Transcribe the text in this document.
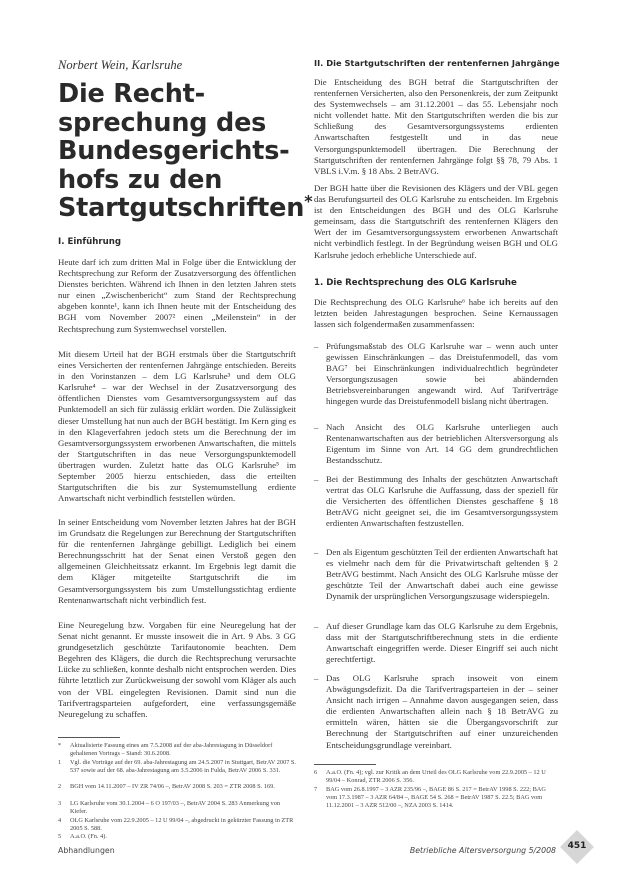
Norbert Wein, Karlsruhe
Die Recht-
sprechung des
Bundesgerichts-
hofs zu den
Startgutschriften*
I. Einführung
Heute darf ich zum dritten Mal in Folge über die Entwicklung der Rechtsprechung zur Reform der Zusatzversorgung des öffentlichen Dienstes berichten. Während ich Ihnen in den letzten Jahren stets nur einen „Zwischenbericht“ zum Stand der Rechtsprechung abgeben konnte¹, kann ich Ihnen heute mit der Entscheidung des BGH vom November 2007² einen „Meilenstein“ in der Rechtsprechung zum Systemwechsel vorstellen.
Mit diesem Urteil hat der BGH erstmals über die Startgutschrift eines Versicherten der rentenfernen Jahrgänge entschieden. Bereits in den Vorinstanzen – dem LG Karlsruhe³ und dem OLG Karlsruhe⁴ – war der Wechsel in der Zusatzversorgung des öffentlichen Dienstes vom Gesamtversorgungssystem auf das Punktemodell an sich für zulässig erklärt worden. Die Zulässigkeit dieser Umstellung hat nun auch der BGH bestätigt. Im Kern ging es in den Klageverfahren jedoch stets um die Berechnung der im Gesamtversorgungssystem erworbenen Anwartschaften, die mittels der Startgutschriften in das neue Versorgungspunktemodell übertragen wurden. Zuletzt hatte das OLG Karlsruhe⁵ im September 2005 hierzu entschieden, dass die erteilten Startgutschriften die bis zur Systemumstellung erdiente Anwartschaft nicht verbindlich feststellen würden.
In seiner Entscheidung vom November letzten Jahres hat der BGH im Grundsatz die Regelungen zur Berechnung der Startgutschriften für die rentenfernen Jahrgänge gebilligt. Lediglich bei einem Berechnungsschritt hat der Senat einen Verstoß gegen den allgemeinen Gleichheitssatz erkannt. Im Ergebnis legt damit die dem Kläger mitgeteilte Startgutschrift die im Gesamtversorgungssystem bis zum Umstellungsstichtag erdiente Rentenanwartschaft nicht verbindlich fest.
Eine Neuregelung bzw. Vorgaben für eine Neuregelung hat der Senat nicht genannt. Er musste insoweit die in Art. 9 Abs. 3 GG grundgesetzlich geschützte Tarifautonomie beachten. Dem Begehren des Klägers, die durch die Rechtsprechung verursachte Lücke zu schließen, konnte deshalb nicht entsprochen werden. Dies führte letztlich zur Zurückweisung der sowohl vom Kläger als auch von der VBL eingelegten Revisionen. Damit sind nun die Tarifvertragsparteien aufgefordert, eine verfassungsgemäße Neuregelung zu schaffen.
*	Aktualisierte Fassung eines am 7.5.2008 auf der aba-Jahrestagung in Düsseldorf gehaltenen Vortrags – Stand: 30.6.2008.
1	Vgl. die Vorträge auf der 69. aba-Jahrestagung am 24.5.2007 in Stuttgart, BetrAV 2007 S. 537 sowie auf der 68. aba-Jahrestagung am 3.5.2006 in Fulda, BetrAV 2006 S. 331.
2	BGH vom 14.11.2007 – IV ZR 74/06 –, BetrAV 2008 S. 203 = ZTR 2008 S. 169.
3	LG Karlsruhe vom 30.1.2004 – 6 O 197/03 –, BetrAV 2004 S. 283 Anmerkung von Kiefer.
4	OLG Karlsruhe vom 22.9.2005 – 12 U 99/04 –, abgedruckt in gekürzter Fassung in ZTR 2005 S. 588.
5	A.a.O. (Fn. 4).
II. Die Startgutschriften der rentenfernen Jahrgänge
Die Entscheidung des BGH betraf die Startgutschriften der rentenfernen Versicherten, also den Personenkreis, der zum Zeitpunkt des Systemwechsels – am 31.12.2001 – das 55. Lebensjahr noch nicht vollendet hatte. Mit den Startgutschriften werden die bis zur Schließung des Gesamtversorgungssystems erdienten Anwartschaften festgestellt und in das neue Versorgungspunktemodell übertragen. Die Berechnung der Startgutschriften der rentenfernen Jahrgänge folgt §§ 78, 79 Abs. 1 VBLS i.V.m. § 18 Abs. 2 BetrAVG.
Der BGH hatte über die Revisionen des Klägers und der VBL gegen das Berufungsurteil des OLG Karlsruhe zu entscheiden. Im Ergebnis ist den Entscheidungen des BGH und des OLG Karlsruhe gemeinsam, dass die Startgutschrift des rentenfernen Klägers den Wert der im Gesamtversorgungssystem erworbenen Anwartschaft nicht verbindlich festlegt. In der Begründung weisen BGH und OLG Karlsruhe jedoch erhebliche Unterschiede auf.
1. Die Rechtsprechung des OLG Karlsruhe
Die Rechtsprechung des OLG Karlsruhe⁶ habe ich bereits auf den letzten beiden Jahrestagungen besprochen. Seine Kernaussagen lassen sich folgendermaßen zusammenfassen:
– Prüfungsmaßstab des OLG Karlsruhe war – wenn auch unter gewissen Einschränkungen – das Dreistufenmodell, das vom BAG⁷ bei Einschränkungen individualrechtlich begründeter Versorgungszusagen sowie bei abändernden Betriebsvereinbarungen angewandt wird. Auf Tarifverträge hingegen wurde das Dreistufenmodell bislang nicht übertragen.
– Nach Ansicht des OLG Karlsruhe unterliegen auch Rentenanwartschaften aus der betrieblichen Altersversorgung als Eigentum im Sinne von Art. 14 GG dem grundrechtlichen Bestandsschutz.
– Bei der Bestimmung des Inhalts der geschützten Anwartschaft vertrat das OLG Karlsruhe die Auffassung, dass der speziell für die Versicherten des öffentlichen Dienstes geschaffene § 18 BetrAVG nicht geeignet sei, die im Gesamtversorgungssystem erdienten Anwartschaften festzustellen.
– Den als Eigentum geschützten Teil der erdienten Anwartschaft hat es vielmehr nach dem für die Privatwirtschaft geltenden § 2 BetrAVG bestimmt. Nach Ansicht des OLG Karlsruhe müsse der geschützte Teil der Anwartschaft dabei auch eine gewisse Dynamik der ursprünglichen Versorgungszusage widerspiegeln.
– Auf dieser Grundlage kam das OLG Karlsruhe zu dem Ergebnis, dass mit der Startgutschriftberechnung stets in die erdiente Anwartschaft eingegriffen werde. Dieser Eingriff sei auch nicht gerechtfertigt.
– Das OLG Karlsruhe sprach insoweit von einem Abwägungsdefizit. Da die Tarifvertragsparteien in der – seiner Ansicht nach irrigen – Annahme davon ausgegangen seien, dass die erdienten Anwartschaften allein nach § 18 BetrAVG zu ermitteln wären, hätten sie die Übergangsvorschrift zur Berechnung der Startgutschriften auf einer unzureichenden Entscheidungsgrundlage vereinbart.
6	A.a.O. (Fn. 4); vgl. zur Kritik an dem Urteil des OLG Karlsruhe vom 22.9.2005 – 12 U 99/04 – Konrad, ZTR 2006 S. 356.
7	BAG vom 26.8.1997 – 3 AZR 235/96 –, BAGE 86 S. 217 = BetrAV 1998 S. 222; BAG vom 17.3.1987 – 3 AZR 64/84 –, BAGE 54 S. 268 = BetrAV 1987 S. 22.5; BAG vom 11.12.2001 – 3 AZR 512/00 –, NZA 2003 S. 1414.
Abhandlungen	Betriebliche Altersversorgung 5/2008 451
